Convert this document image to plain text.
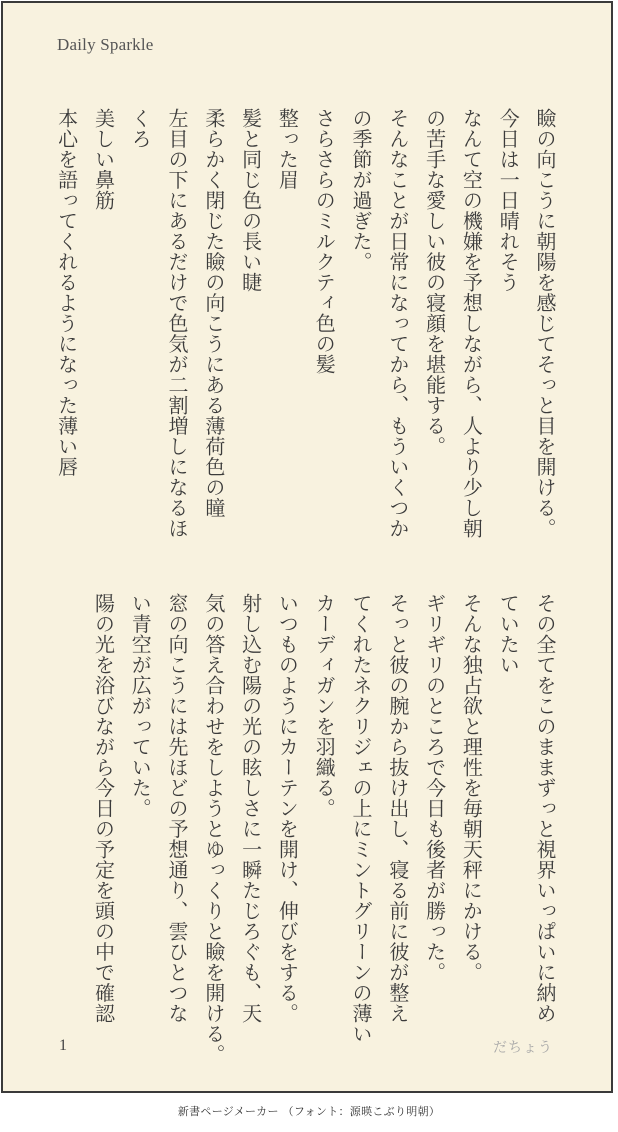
Daily Sparkle
瞼の向こうに朝陽を感じてそっと目を開ける。
今日は一日晴れそう
なんて空の機嫌を予想しながら、人より少し朝
の苦手な愛しい彼の寝顔を堪能する。
そんなことが日常になってから、もういくつか
の季節が過ぎた。
さらさらのミルクティ色の髪
整った眉
髪と同じ色の長い睫
柔らかく閉じた瞼の向こうにある薄荷色の瞳
左目の下にあるだけで色気が二割増しになるほ
くろ
美しい鼻筋
本心を語ってくれるようになった薄い唇
その全てをこのままずっと視界いっぱいに納め
ていたい
そんな独占欲と理性を毎朝天秤にかける。
ギリギリのところで今日も後者が勝った。
そっと彼の腕から抜け出し、寝る前に彼が整え
てくれたネクリジェの上にミントグリーンの薄い
カーディガンを羽織る。
いつものようにカーテンを開け、伸びをする。
射し込む陽の光の眩しさに一瞬たじろぐも、天
気の答え合わせをしようとゆっくりと瞼を開ける。
窓の向こうには先ほどの予想通り、雲ひとつな
い青空が広がっていた。
陽の光を浴びながら今日の予定を頭の中で確認
1	だちょう
新書ページメーカー （フォント：源暎こぶり明朝）
